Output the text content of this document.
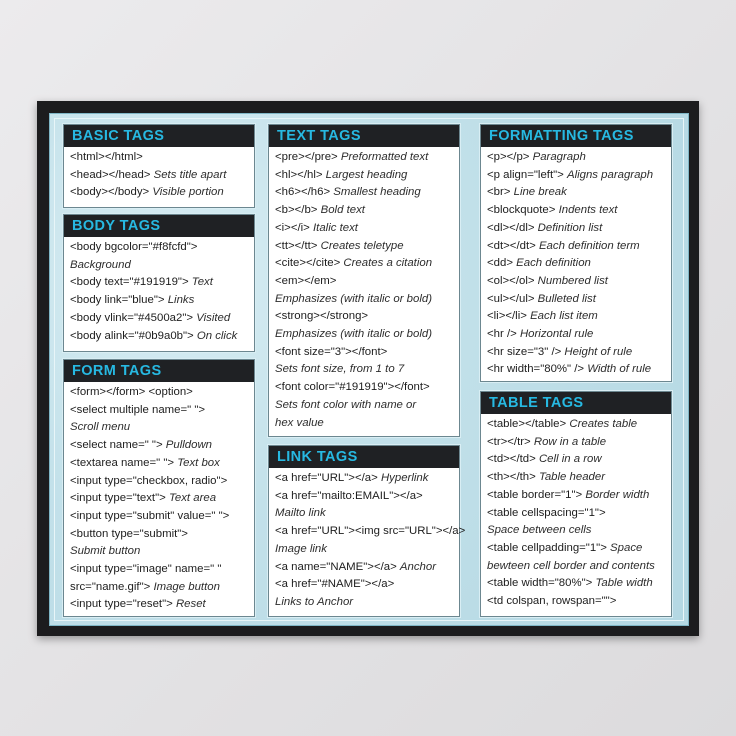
BASIC TAGS
<html></html>
<head></head> Sets title apart
<body></body> Visible portion
BODY TAGS
<body bgcolor="#f8fcfd">
Background
<body text="#191919"> Text
<body link="blue"> Links
<body vlink="#4500a2"> Visited
<body alink="#0b9a0b"> On click
FORM TAGS
<form></form> <option>
<select multiple name=" ">
Scroll menu
<select name=" "> Pulldown
<textarea name=" "> Text box
<input type="checkbox, radio">
<input type="text"> Text area
<input type="submit" value=" ">
<button type="submit">
Submit button
<input type="image" name=" "
src="name.gif"> Image button
<input type="reset"> Reset
TEXT TAGS
<pre></pre> Preformatted text
<hl></hl> Largest heading
<h6></h6> Smallest heading
<b></b> Bold text
<i></i> Italic text
<tt></tt> Creates teletype
<cite></cite> Creates a citation
<em></em>
Emphasizes (with italic or bold)
<strong></strong>
Emphasizes (with italic or bold)
<font size="3"></font>
Sets font size, from 1 to 7
<font color="#191919"></font>
Sets font color with name or
hex value
LINK TAGS
<a href="URL"></a> Hyperlink
<a href="mailto:EMAIL"></a>
Mailto link
<a href="URL"><img src="URL"></a>
Image link
<a name="NAME"></a> Anchor
<a href="#NAME"></a>
Links to Anchor
FORMATTING TAGS
<p></p> Paragraph
<p align="left"> Aligns paragraph
<br> Line break
<blockquote> Indents text
<dl></dl> Definition list
<dt></dt> Each definition term
<dd> Each definition
<ol></ol> Numbered list
<ul></ul> Bulleted list
<li></li> Each list item
<hr /> Horizontal rule
<hr size="3" /> Height of rule
<hr width="80%" /> Width of rule
TABLE TAGS
<table></table> Creates table
<tr></tr> Row in a table
<td></td> Cell in a row
<th></th> Table header
<table border="1"> Border width
<table cellspacing="1">
Space between cells
<table cellpadding="1"> Space
bewteen cell border and contents
<table width="80%"> Table width
<td colspan, rowspan="">
